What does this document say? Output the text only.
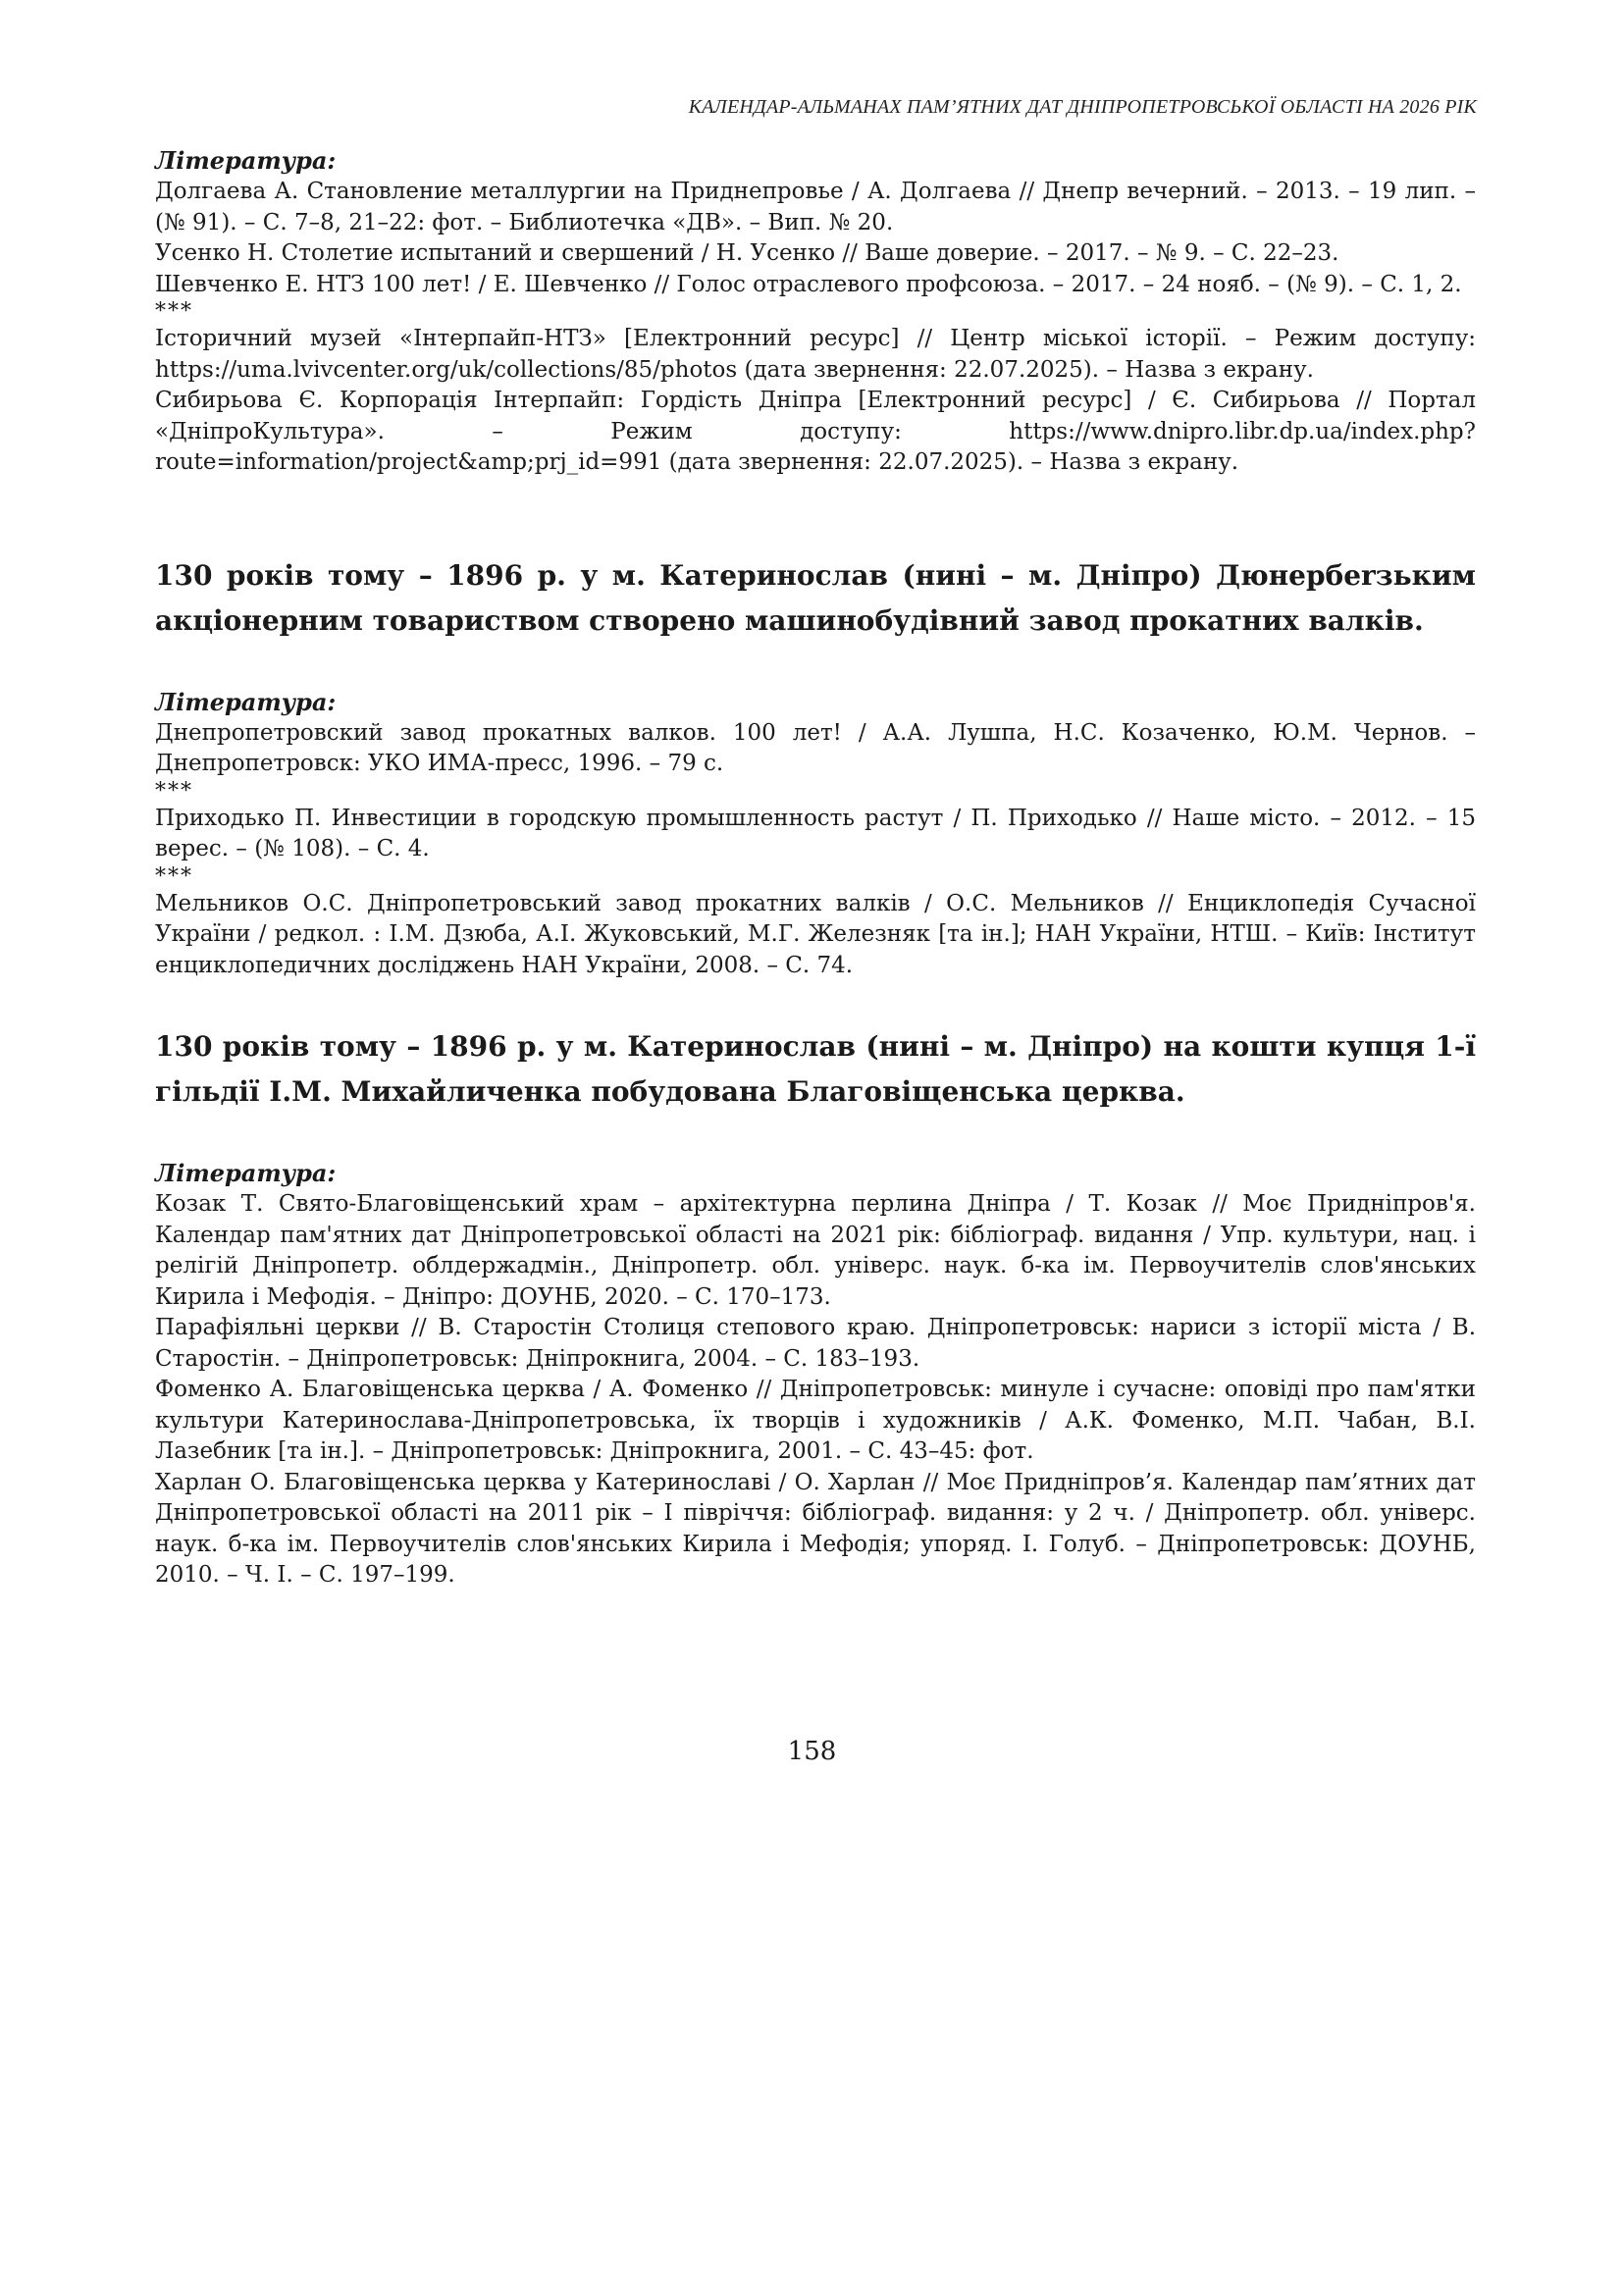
КАЛЕНДАР-АЛЬМАНАХ ПАМ’ЯТНИХ ДАТ ДНІПРОПЕТРОВСЬКОЇ ОБЛАСТІ НА 2026 РІК

Література:

Долгаева А. Становление металлургии на Приднепровье / А. Долгаева // Днепр вечерний. – 2013. – 19 лип. – (№ 91). – С. 7–8, 21–22: фот. – Библиотечка «ДВ». – Вип. № 20.

Усенко Н. Столетие испытаний и свершений / Н. Усенко // Ваше доверие. – 2017. – № 9. – С. 22–23.

Шевченко Е. НТЗ 100 лет! / Е. Шевченко // Голос отраслевого профсоюза. – 2017. – 24 нояб. – (№ 9). – С. 1, 2.

***

Історичний музей «Інтерпайп-НТЗ» [Електронний ресурс] // Центр міської історії. – Режим доступу: https://uma.lvivcenter.org/uk/collections/85/photos (дата звернення: 22.07.2025). – Назва з екрану.

Сибирьова Є. Корпорація Інтерпайп: Гордість Дніпра [Електронний ресурс] / Є. Сибирьова // Портал «ДніпроКультура». – Режим доступу: https://www.dnipro.libr.dp.ua/index.php?route=information/project&amp;prj_id=991 (дата звернення: 22.07.2025). – Назва з екрану.

130 років тому – 1896 р. у м. Катеринослав (нині – м. Дніпро) Дюнербerзьким акціонерним товариством створено машинобудівний завод прокатних валків.

Література:

Днепропетровский завод прокатных валков. 100 лет! / А.А. Лушпа, Н.С. Козаченко, Ю.М. Чернов. – Днепропетровск: УКО ИМА-пресс, 1996. – 79 с.

***

Приходько П. Инвестиции в городскую промышленность растут / П. Приходько // Наше місто. – 2012. – 15 верес. – (№ 108). – С. 4.

***

Мельников О.С. Дніпропетровський завод прокатних валків / О.С. Мельников // Енциклопедія Сучасної України / редкол. : І.М. Дзюба, А.І. Жуковський, М.Г. Железняк [та ін.]; НАН України, НТШ. – Київ: Інститут енциклопедичних досліджень НАН України, 2008. – С. 74.

130 років тому – 1896 р. у м. Катеринослав (нині – м. Дніпро) на кошти купця 1-ї гільдії І.М. Михайличенка побудована Благовіщенська церква.

Література:

Козак Т. Свято-Благовіщенський храм – архітектурна перлина Дніпра / Т. Козак // Моє Придніпров'я. Календар пам'ятних дат Дніпропетровської області на 2021 рік: бібліограф. видання / Упр. культури, нац. і релігій Дніпропетр. облдержадмін., Дніпропетр. обл. універс. наук. б-ка ім. Первоучителів слов'янських Кирила і Мефодія. – Дніпро: ДОУНБ, 2020. – С. 170–173.

Парафіяльні церкви // В. Старостін Столиця степового краю. Дніпропетровськ: нариси з історії міста / В. Старостін. – Дніпропетровськ: Дніпрокнига, 2004. – С. 183–193.

Фоменко А. Благовіщенська церква / А. Фоменко // Дніпропетровськ: минуле і сучасне: оповіді про пам'ятки культури Катеринослава-Дніпропетровська, їх творців і художників / А.К. Фоменко, М.П. Чабан, В.І. Лазебник [та ін.]. – Дніпропетровськ: Дніпрокнига, 2001. – С. 43–45: фот.

Харлан О. Благовіщенська церква у Катеринославі / О. Харлан // Моє Придніпров’я. Календар пам’ятних дат Дніпропетровської області на 2011 рік – І півріччя: бібліограф. видання: у 2 ч. / Дніпропетр. обл. універс. наук. б-ка ім. Первоучителів слов'янських Кирила і Мефодія; упоряд. І. Голуб. – Дніпропетровськ: ДОУНБ, 2010. – Ч. І. – С. 197–199.

158
